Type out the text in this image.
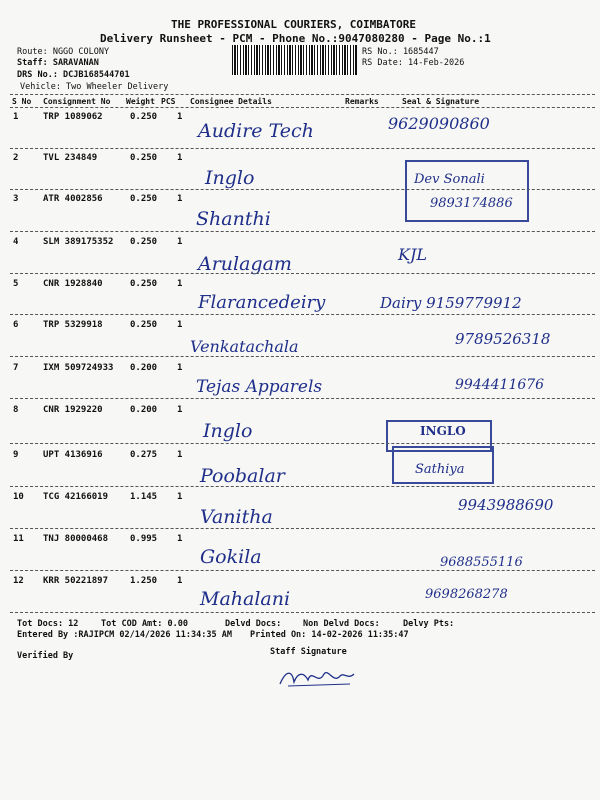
THE PROFESSIONAL COURIERS, COIMBATORE
Delivery Runsheet - PCM - Phone No.:9047080280 - Page No.:1
Route: NGGO COLONY
Staff: SARAVANAN
DRS No.: DCJB168544701
Vehicle: Two Wheeler Delivery
RS No.: 1685447
RS Date: 14-Feb-2026
S No Consignment No Weight PCS Consignee Details	Remarks	Seal & Signature
1	TRP 1089062	0.250 1
Audire Tech	9629090860
2	TVL 234849	0.250 1
Inglo	Dev Sonali
3	ATR 4002856	0.250 1
Shanthi
9893174886
4	SLM 389175352 0.250 1
Arulagam	KJL
5	CNR 1928840	0.250 1
Flarancedeiry	Dairy 9159779912
6	TRP 5329918	0.250 1
Venkatachala	9789526318
7	IXM 509724933 0.200 1
Tejas Apparels	9944411676
8	CNR 1929220	0.200 1
Inglo	INGLO
9	UPT 4136916	0.275 1
Poobalar	Sathiya
10 TCG 42166019 1.145 1
Vanitha
9943988690
11 TNJ 80000468 0.995 1
Gokila	9688555116
12 KRR 50221897 1.250 1
Mahalani	9698268278
Tot Docs: 12	Tot COD Amt: 0.00	Delvd Docs:	Non Delvd Docs:	Delvy Pts:
Entered By :RAJIPCM 02/14/2026 11:34:35 AM Printed On: 14-02-2026 11:35:47
Verified By	Staff Signature
